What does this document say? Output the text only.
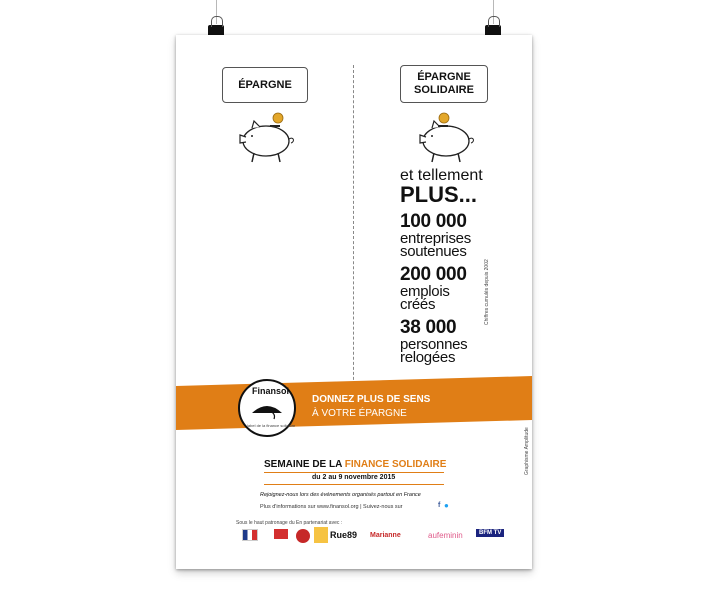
ÉPARGNE
ÉPARGNE
SOLIDAIRE
et tellement
PLUS...
100 000
entreprises
soutenues
200 000
emplois
créés
38 000
personnes
relogées
Chiffres cumulés depuis 2002
DONNEZ PLUS DE SENS
À VOTRE ÉPARGNE
Finansol
label de la finance solidaire
SEMAINE DE LA FINANCE SOLIDAIRE
du 2 au 9 novembre 2015
Rejoignez-nous lors des événements organisés partout en France
Plus d'informations sur www.finansol.org | Suivez-nous sur	f ●
Graphisme Amplitude
Sous le haut patronage du :
En partenariat avec :
Rue89 Marianne	aufeminin	BFM TV
